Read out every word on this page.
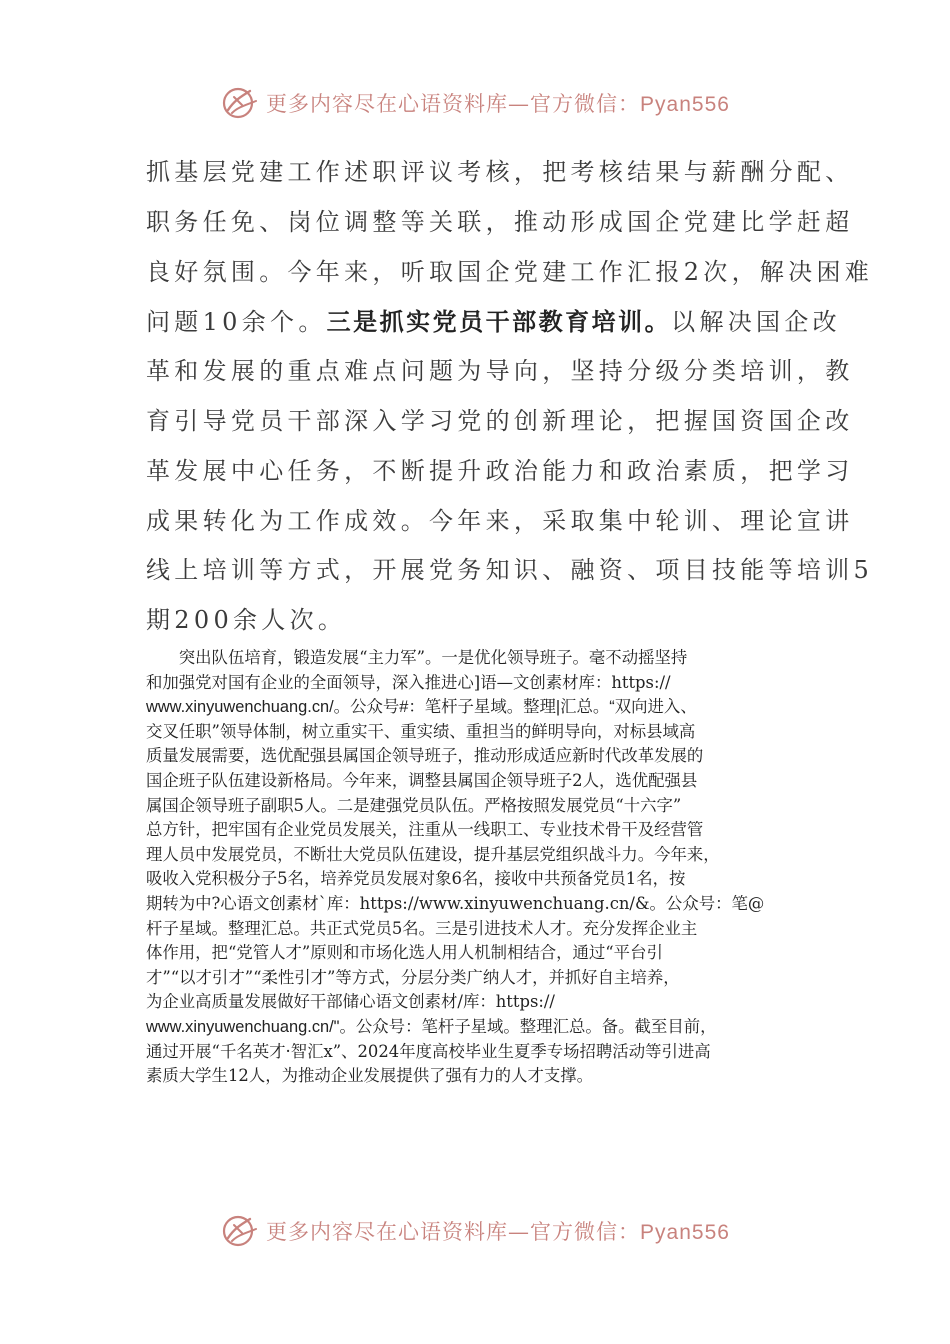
更多内容尽在心语资料库—官方微信：Pyan556
抓基层党建工作述职评议考核，把考核结果与薪酬分配、
职务任免、岗位调整等关联，推动形成国企党建比学赶超
良好氛围。今年来，听取国企党建工作汇报2次，解决困难
问题10余个。三是抓实党员干部教育培训。以解决国企改
革和发展的重点难点问题为导向，坚持分级分类培训，教
育引导党员干部深入学习党的创新理论，把握国资国企改
革发展中心任务，不断提升政治能力和政治素质，把学习
成果转化为工作成效。今年来，采取集中轮训、理论宣讲
线上培训等方式，开展党务知识、融资、项目技能等培训5
期200余人次。
　　突出队伍培育，锻造发展“主力军”。一是优化领导班子。毫不动摇坚持
和加强党对国有企业的全面领导，深入推进心]语—文创素材库：https://
www.xinyuwenchuang.cn/。公众号#：笔杆子星域。整理|汇总。“双向进入、
交叉任职”领导体制，树立重实干、重实绩、重担当的鲜明导向，对标县域高
质量发展需要，选优配强县属国企领导班子，推动形成适应新时代改革发展的
国企班子队伍建设新格局。今年来，调整县属国企领导班子2人，选优配强县
属国企领导班子副职5人。二是建强党员队伍。严格按照发展党员“十六字”
总方针，把牢国有企业党员发展关，注重从一线职工、专业技术骨干及经营管
理人员中发展党员，不断壮大党员队伍建设，提升基层党组织战斗力。今年来，
吸收入党积极分子5名，培养党员发展对象6名，接收中共预备党员1名，按
期转为中?心语文创素材`库：https://www.xinyuwenchuang.cn/&。公众号：笔@
杆子星域。整理汇总。共正式党员5名。三是引进技术人才。充分发挥企业主
体作用，把“党管人才”原则和市场化选人用人机制相结合，通过“平台引
才”“以才引才”“柔性引才”等方式，分层分类广纳人才，并抓好自主培养，
为企业高质量发展做好干部储心语文创素材/库：https://
www.xinyuwenchuang.cn/"。公众号：笔杆子星域。整理汇总。备。截至目前，
通过开展“千名英才·智汇x”、2024年度高校毕业生夏季专场招聘活动等引进高
素质大学生12人，为推动企业发展提供了强有力的人才支撑。
更多内容尽在心语资料库—官方微信：Pyan556
